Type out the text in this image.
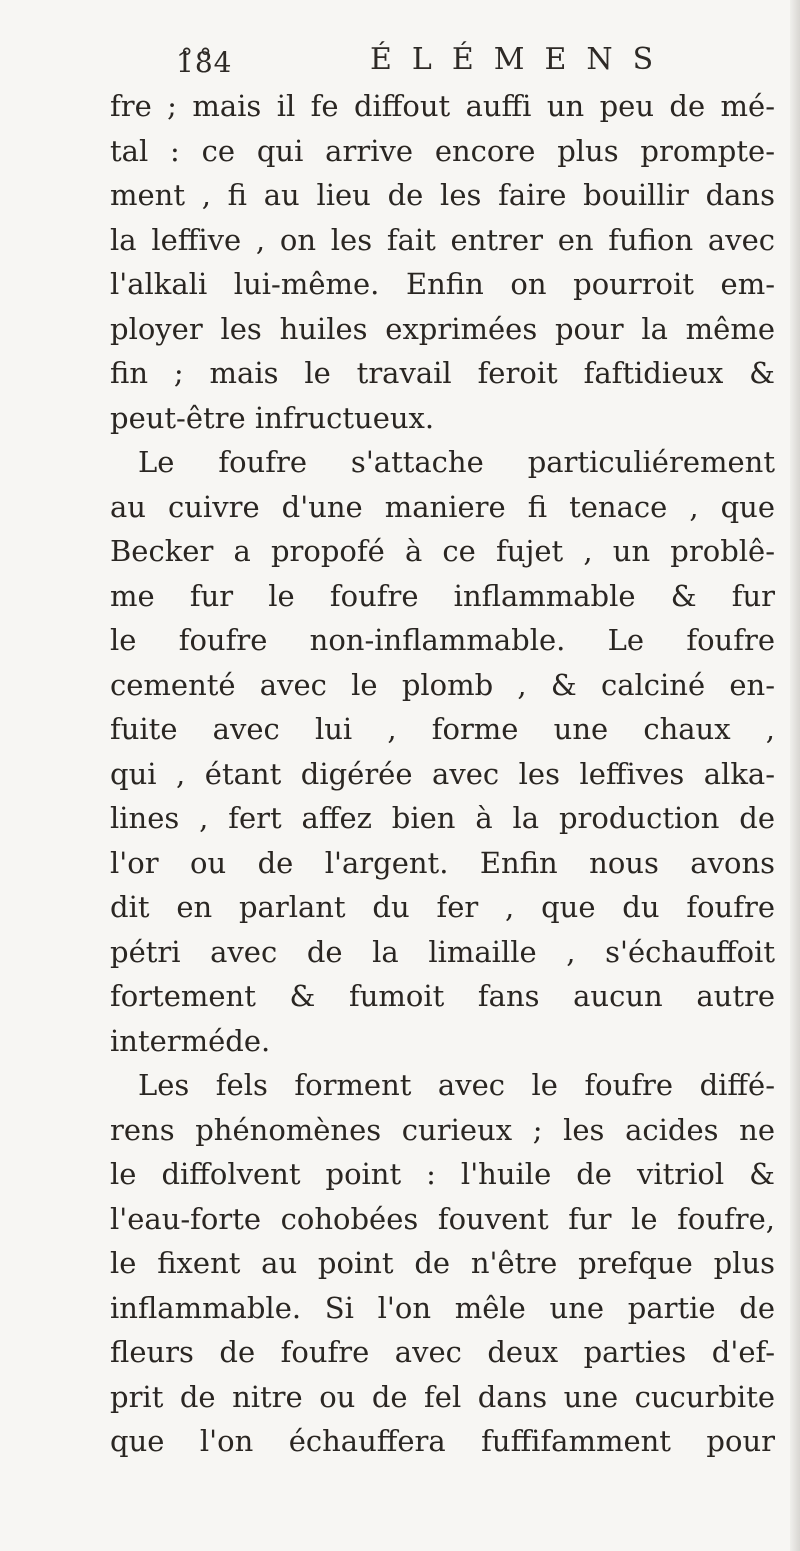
1̊8̊4	ÉLÉMENS
fre ; mais il fe diffout auffi un peu de mé-
tal : ce qui arrive encore plus prompte-
ment , fi au lieu de les faire bouillir dans
la leffive , on les fait entrer en fufion avec
l'alkali lui-même. Enfin on pourroit em-
ployer les huiles exprimées pour la même
fin ; mais le travail feroit faftidieux &
peut-être infructueux.
Le foufre s'attache particuliérement
au cuivre d'une maniere fi tenace , que
Becker a propofé à ce fujet , un problê-
me fur le foufre inflammable & fur
le foufre non-inflammable. Le foufre
cementé avec le plomb , & calciné en-
fuite avec lui , forme une chaux ,
qui , étant digérée avec les leffives alka-
lines , fert affez bien à la production de
l'or ou de l'argent. Enfin nous avons
dit en parlant du fer , que du foufre
pétri avec de la limaille , s'échauffoit
fortement & fumoit fans aucun autre
interméde.
Les fels forment avec le foufre diffé-
rens phénomènes curieux ; les acides ne
le diffolvent point : l'huile de vitriol &
l'eau-forte cohobées fouvent fur le foufre,
le fixent au point de n'être prefque plus
inflammable. Si l'on mêle une partie de
fleurs de foufre avec deux parties d'ef-
prit de nitre ou de fel dans une cucurbite
que l'on échauffera fuffifamment pour
